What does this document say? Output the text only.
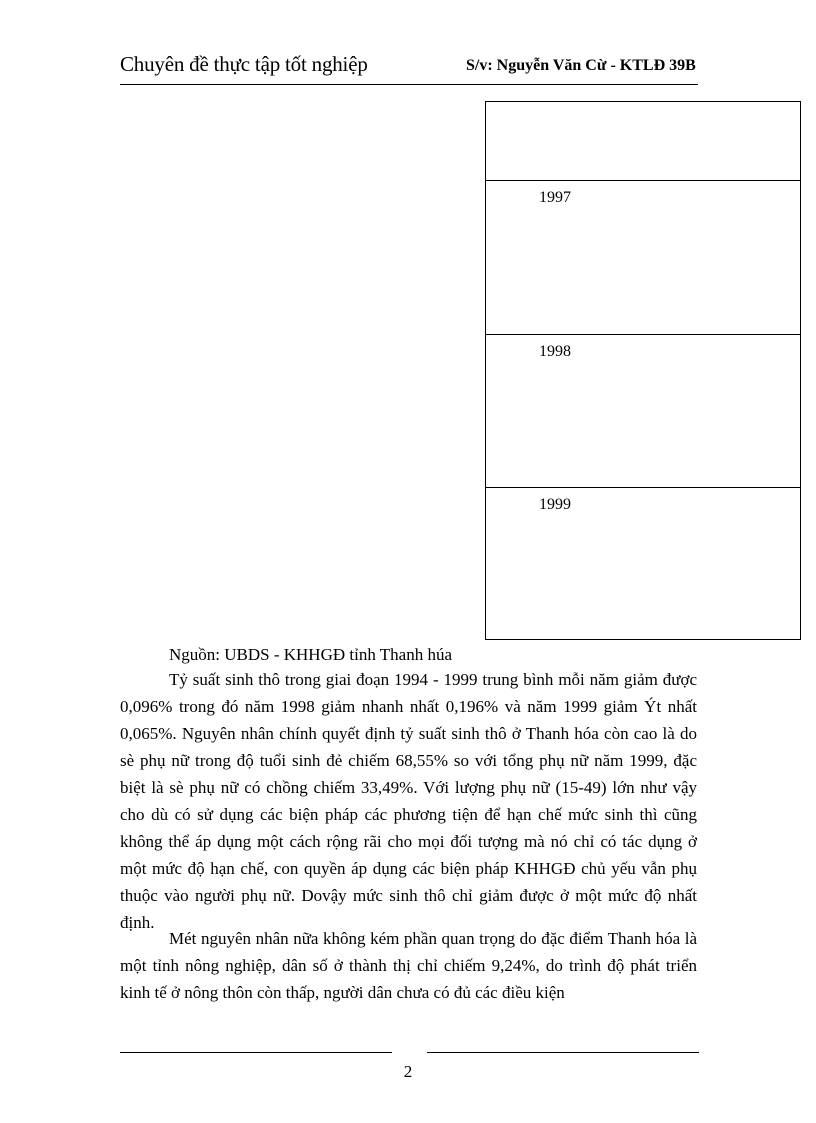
Chuyên đề thực tập tốt nghiệp	S/v: Nguyễn Văn Cừ - KTLĐ 39B
1997
1998
1999
Nguồn: UBDS - KHHGĐ tỉnh Thanh húa

Tỷ suất sinh thô trong giai đoạn 1994 - 1999 trung bình mỗi năm giảm được 0,096% trong đó năm 1998 giảm nhanh nhất 0,196% và năm 1999 giảm Ýt nhất 0,065%. Nguyên nhân chính quyết định tỷ suất sinh thô ở Thanh hóa còn cao là do sè phụ nữ trong độ tuổi sinh đẻ chiếm 68,55% so với tổng phụ nữ năm 1999, đặc biệt là sè phụ nữ có chồng chiếm 33,49%. Với lượng phụ nữ (15-49) lớn như vậy cho dù có sử dụng các biện pháp các phương tiện để hạn chế mức sinh thì cũng không thể áp dụng một cách rộng rãi cho mọi đối tượng mà nó chỉ có tác dụng ở một mức độ hạn chế, con quyền áp dụng các biện pháp KHHGĐ chủ yếu vẫn phụ thuộc vào người phụ nữ. Dovậy mức sinh thô chỉ giảm được ở một mức độ nhất định.

Mét nguyên nhân nữa không kém phần quan trọng do đặc điểm Thanh hóa là một tỉnh nông nghiệp, dân số ở thành thị chỉ chiếm 9,24%, do trình độ phát triển kinh tế ở nông thôn còn thấp, người dân chưa có đủ các điều kiện

2
